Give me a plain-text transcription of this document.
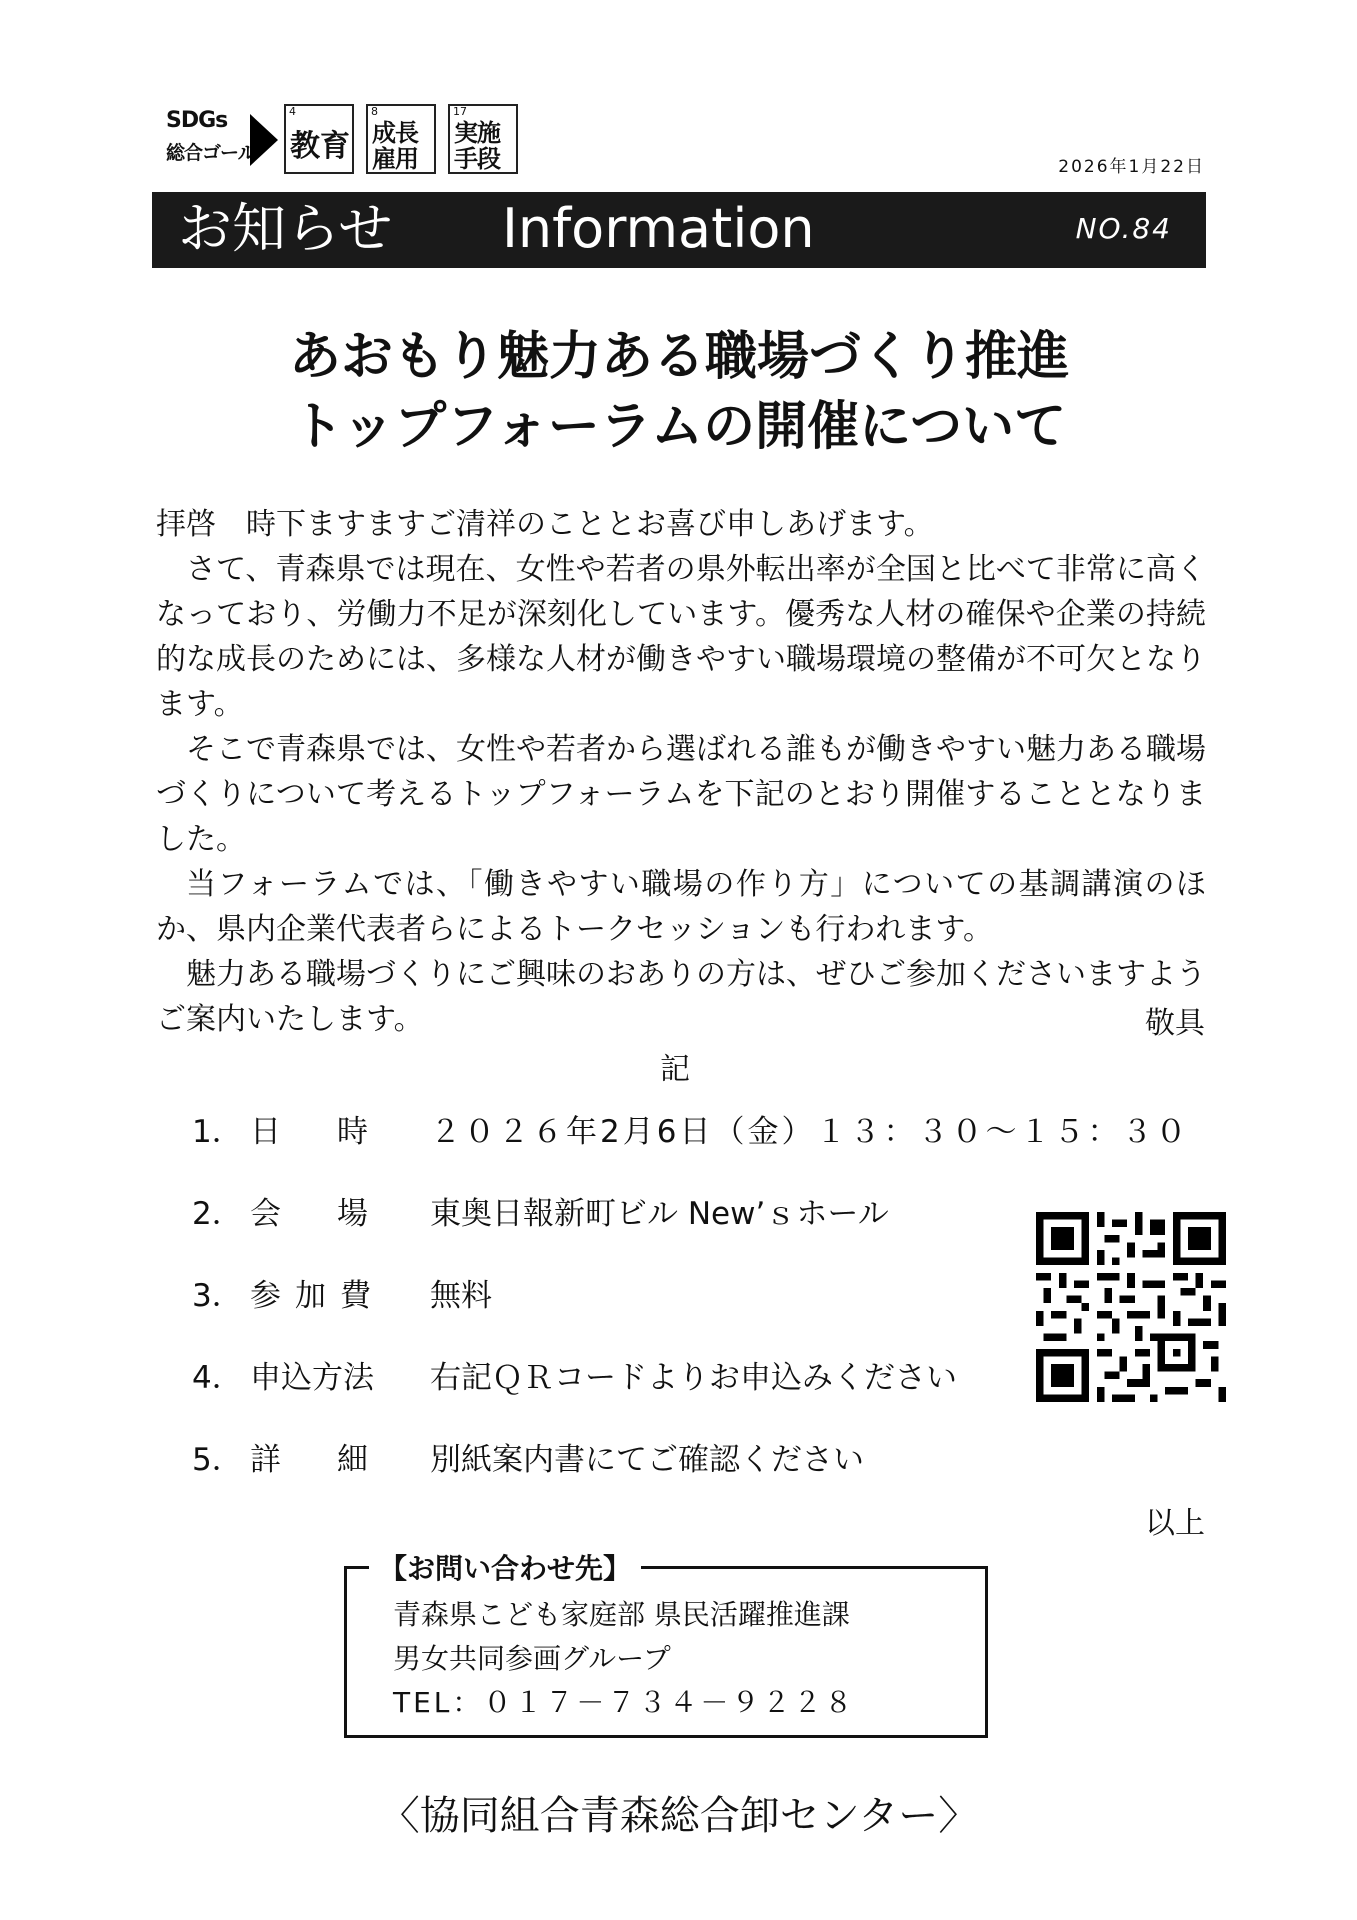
SDGs
総合ゴール
4
教育
8
成長
雇用
17
実施
手段	2026年1月22日
お知らせ Information	NO.84
あおもり魅力ある職場づくり推進
トップフォーラムの開催について

拝啓　時下ますますご清祥のこととお喜び申しあげます。

さて、青森県では現在、女性や若者の県外転出率が全国と比べて非常に高くなっており、労働力不足が深刻化しています。優秀な人材の確保や企業の持続的な成長のためには、多様な人材が働きやすい職場環境の整備が不可欠となります。

そこで青森県では、女性や若者から選ばれる誰もが働きやすい魅力ある職場づくりについて考えるトップフォーラムを下記のとおり開催することとなりました。

当フォーラムでは、「働きやすい職場の作り方」についての基調講演のほか、県内企業代表者らによるトークセッションも行われます。

魅力ある職場づくりにご興味のおありの方は、ぜひご参加くださいますようご案内いたします。	敬具
記
1． 日時 ２０２６年2月6日（金）１３：３０～１５：３０
2． 会場 東奥日報新町ビル New’ｓホール
3． 参加費 無料
4． 申込方法 右記ＱＲコードよりお申込みください
5． 詳細 別紙案内書にてご確認ください
以上
【お問い合わせ先】
青森県こども家庭部 県民活躍推進課
男女共同参画グループ
TEL：０１７－７３４－９２２８
〈協同組合青森総合卸センター〉
